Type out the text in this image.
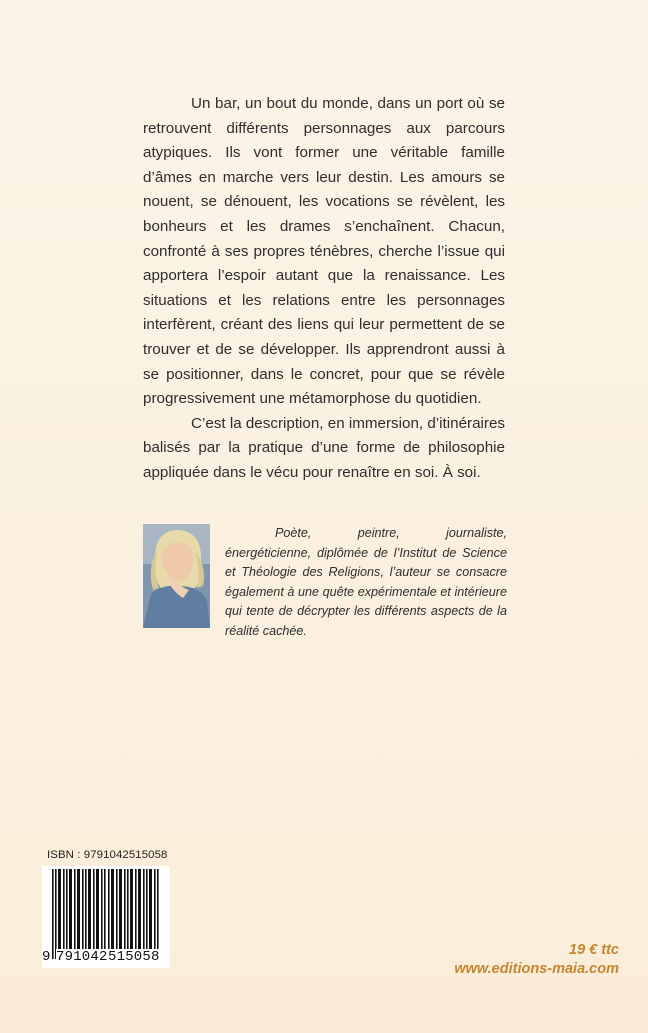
Un bar, un bout du monde, dans un port où se retrouvent différents personnages aux parcours atypiques. Ils vont former une véritable famille d’âmes en marche vers leur destin. Les amours se nouent, se dénouent, les vocations se révèlent, les bonheurs et les drames s’enchaînent. Chacun, confronté à ses propres ténèbres, cherche l’issue qui apportera l’espoir autant que la renaissance. Les situations et les relations entre les personnages interfèrent, créant des liens qui leur permettent de se trouver et de se développer. Ils apprendront aussi à se positionner, dans le concret, pour que se révèle progressivement une métamorphose du quotidien.

C’est la description, en immersion, d’itinéraires balisés par la pratique d’une forme de philosophie appliquée dans le vécu pour renaître en soi. À soi.

Poète, peintre, journaliste, énergéticienne, diplômée de l’Institut de Science et Théologie des Religions, l’auteur se consacre également à une quête expérimentale et intérieure qui tente de décrypter les différents aspects de la réalité cachée.

ISBN : 9791042515058
9 791042 515058	19 € ttc
www.editions-maia.com
